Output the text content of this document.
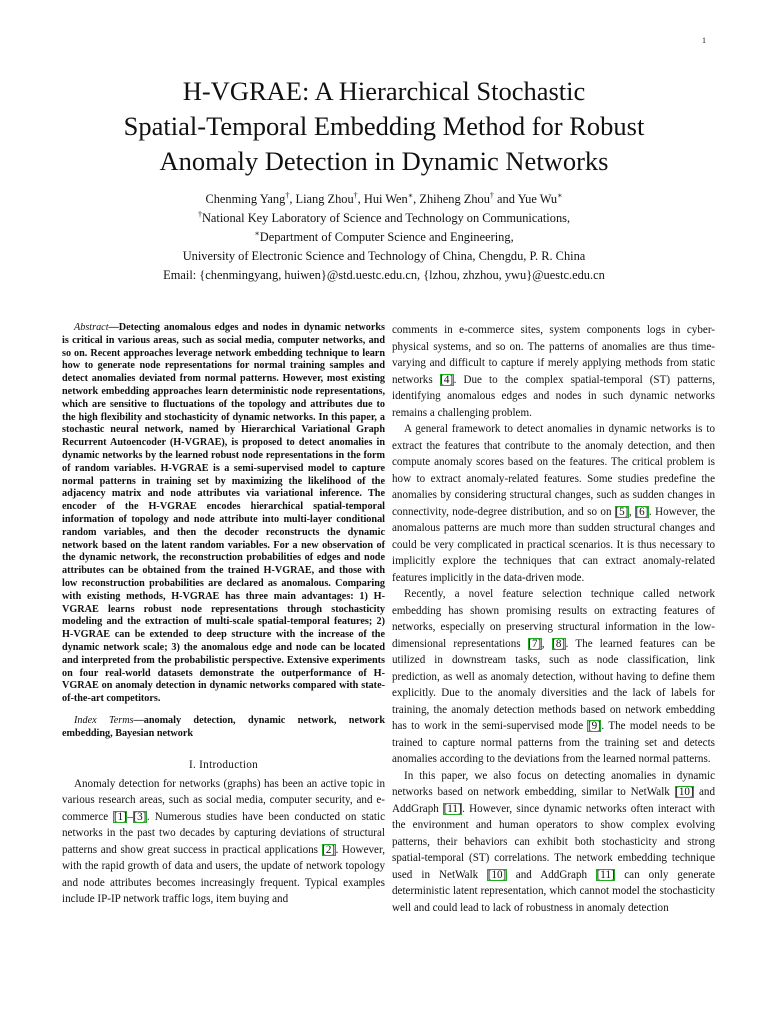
1
H-VGRAE: A Hierarchical Stochastic
Spatial-Temporal Embedding Method for Robust
Anomaly Detection in Dynamic Networks
Chenming Yang†, Liang Zhou†, Hui Wen∗, Zhiheng Zhou† and Yue Wu∗
†National Key Laboratory of Science and Technology on Communications,
∗Department of Computer Science and Engineering,
University of Electronic Science and Technology of China, Chengdu, P. R. China
Email: {chenmingyang, huiwen}@std.uestc.edu.cn, {lzhou, zhzhou, ywu}@uestc.edu.cn

Abstract—Detecting anomalous edges and nodes in dynamic networks is critical in various areas, such as social media, computer networks, and so on. Recent approaches leverage network embedding technique to learn how to generate node representations for normal training samples and detect anomalies deviated from normal patterns. However, most existing network embedding approaches learn deterministic node representations, which are sensitive to fluctuations of the topology and attributes due to the high flexibility and stochasticity of dynamic networks. In this paper, a stochastic neural network, named by Hierarchical Variational Graph Recurrent Autoencoder (H-VGRAE), is proposed to detect anomalies in dynamic networks by the learned robust node representations in the form of random variables. H-VGRAE is a semi-supervised model to capture normal patterns in training set by maximizing the likelihood of the adjacency matrix and node attributes via variational inference. The encoder of the H-VGRAE encodes hierarchical spatial-temporal information of topology and node attribute into multi-layer conditional random variables, and then the decoder reconstructs the dynamic network based on the latent random variables. For a new observation of the dynamic network, the reconstruction probabilities of edges and node attributes can be obtained from the trained H-VGRAE, and those with low reconstruction probabilities are declared as anomalous. Comparing with existing methods, H-VGRAE has three main advantages: 1) H-VGRAE learns robust node representations through stochasticity modeling and the extraction of multi-scale spatial-temporal features; 2) H-VGRAE can be extended to deep structure with the increase of the dynamic network scale; 3) the anomalous edge and node can be located and interpreted from the probabilistic perspective. Extensive experiments on four real-world datasets demonstrate the outperformance of H-VGRAE on anomaly detection in dynamic networks compared with state-of-the-art competitors.

Index Terms—anomaly detection, dynamic network, network embedding, Bayesian network

I. Introduction

Anomaly detection for networks (graphs) has been an active topic in various research areas, such as social media, computer security, and e-commerce [1]–[3]. Numerous studies have been conducted on static networks in the past two decades by capturing deviations of structural patterns and show great success in practical applications [2]. However, with the rapid growth of data and users, the update of network topology and node attributes becomes increasingly frequent. Typical examples include IP-IP network traffic logs, item buying and

comments in e-commerce sites, system components logs in cyber-physical systems, and so on. The patterns of anomalies are thus time-varying and difficult to capture if merely applying methods from static networks [4]. Due to the complex spatial-temporal (ST) patterns, identifying anomalous edges and nodes in such dynamic networks remains a challenging problem.

A general framework to detect anomalies in dynamic networks is to extract the features that contribute to the anomaly detection, and then compute anomaly scores based on the features. The critical problem is how to extract anomaly-related features. Some studies predefine the anomalies by considering structural changes, such as sudden changes in connectivity, node-degree distribution, and so on [5], [6]. However, the anomalous patterns are much more than sudden structural changes and could be very complicated in practical scenarios. It is thus necessary to implicitly explore the techniques that can extract anomaly-related features implicitly in the data-driven mode.

Recently, a novel feature selection technique called network embedding has shown promising results on extracting features of networks, especially on preserving structural information in the low-dimensional representations [7], [8]. The learned features can be utilized in downstream tasks, such as node classification, link prediction, as well as anomaly detection, without having to define them explicitly. Due to the anomaly diversities and the lack of labels for training, the anomaly detection methods based on network embedding has to work in the semi-supervised mode [9]. The model needs to be trained to capture normal patterns from the training set and detects anomalies according to the deviations from the learned normal patterns.

In this paper, we also focus on detecting anomalies in dynamic networks based on network embedding, similar to NetWalk [10] and AddGraph [11]. However, since dynamic networks often interact with the environment and human operators to show complex evolving patterns, their behaviors can exhibit both stochasticity and strong spatial-temporal (ST) correlations. The network embedding technique used in NetWalk [10] and AddGraph [11] can only generate deterministic latent representation, which cannot model the stochasticity well and could lead to lack of robustness in anomaly detection
